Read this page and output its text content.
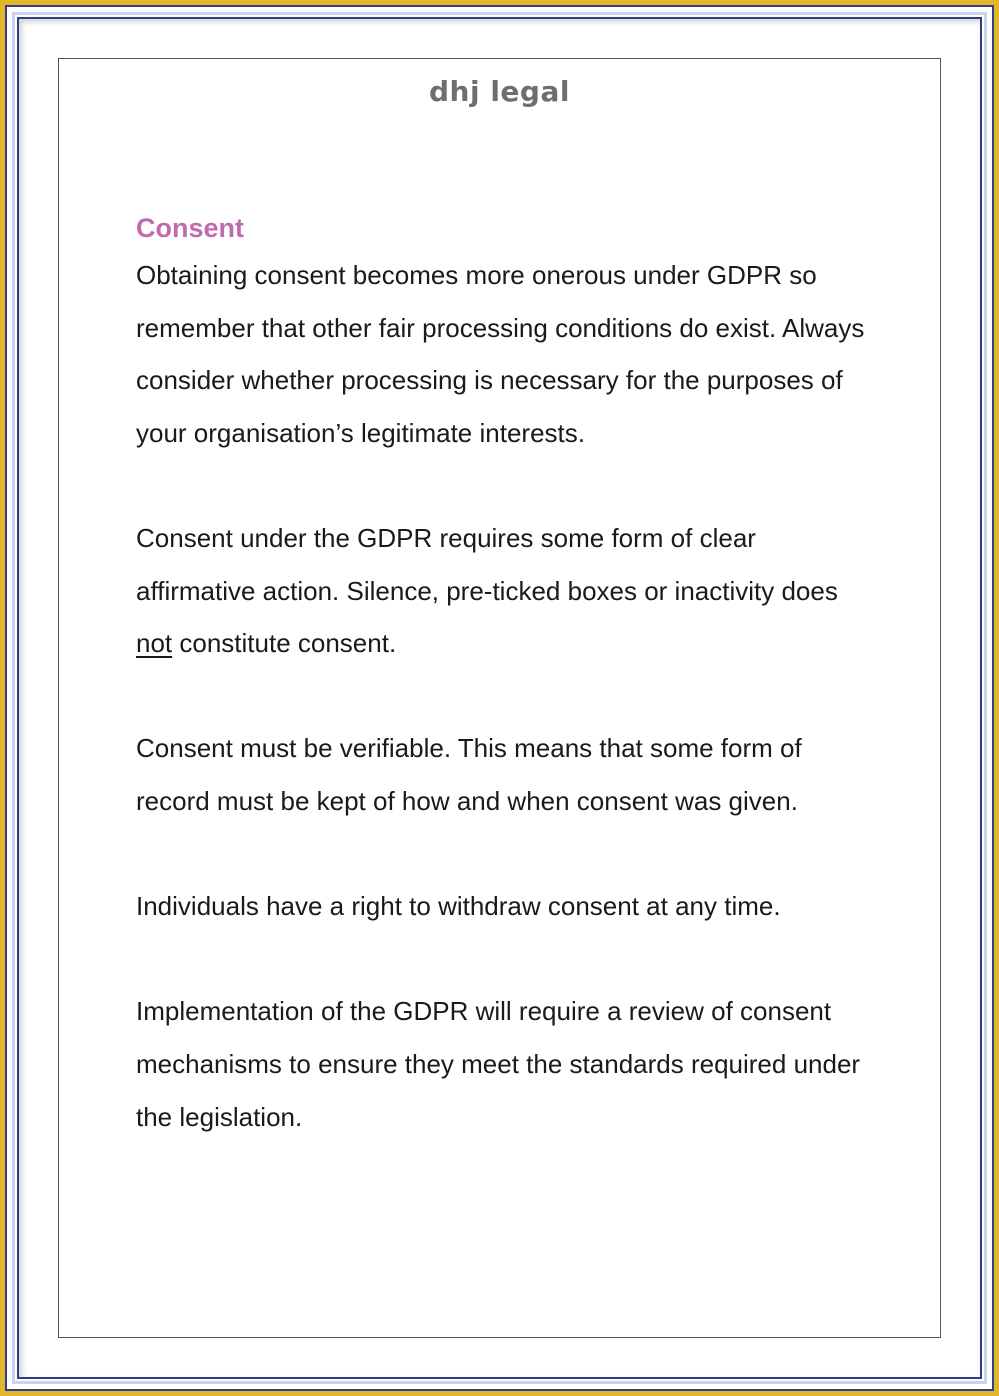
dhj legal
Consent

Obtaining consent becomes more onerous under GDPR so remember that other fair processing conditions do exist. Always consider whether processing is necessary for the purposes of your organisation’s legitimate interests.

Consent under the GDPR requires some form of clear affirmative action. Silence, pre-ticked boxes or inactivity does not constitute consent.

Consent must be verifiable. This means that some form of record must be kept of how and when consent was given.

Individuals have a right to withdraw consent at any time.

Implementation of the GDPR will require a review of consent mechanisms to ensure they meet the standards required under the legislation.
